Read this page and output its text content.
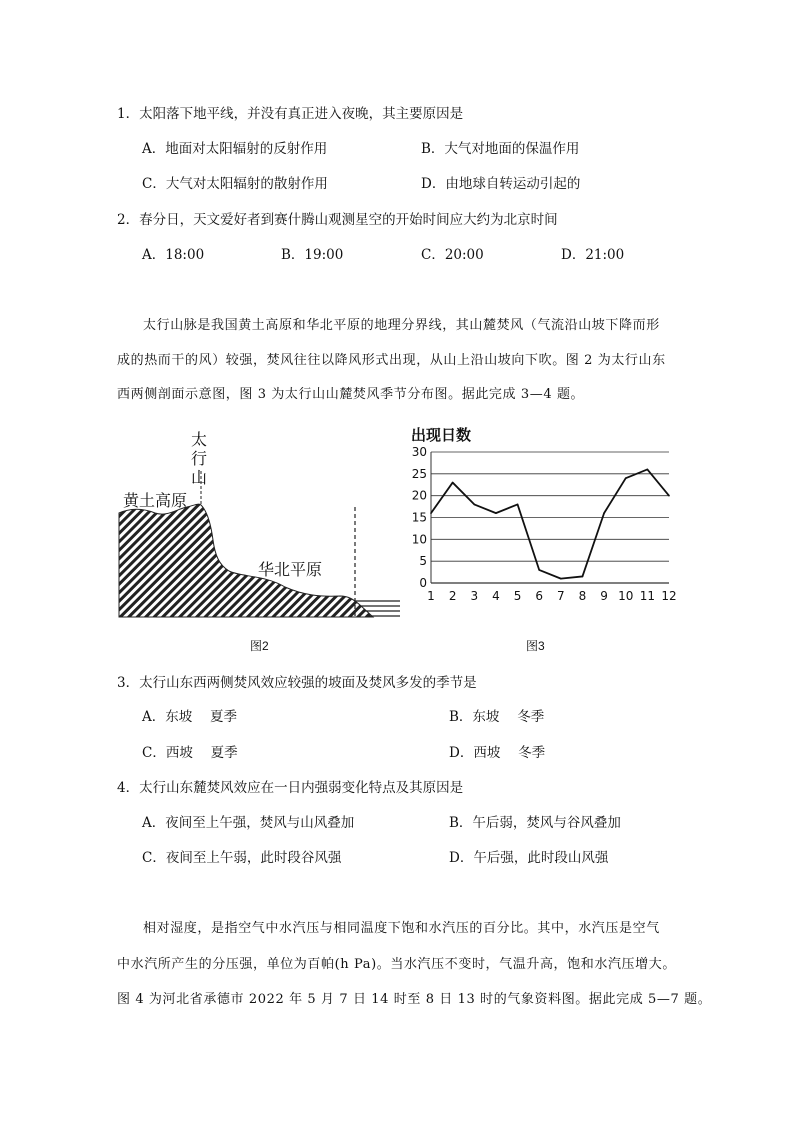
1．太阳落下地平线，并没有真正进入夜晚，其主要原因是
A．地面对太阳辐射的反射作用	B．大气对地面的保温作用
C．大气对太阳辐射的散射作用	D．由地球自转运动引起的
2．春分日，天文爱好者到赛什腾山观测星空的开始时间应大约为北京时间
A．18:00	B．19:00	C．20:00	D．21:00
太行山脉是我国黄土高原和华北平原的地理分界线，其山麓焚风（气流沿山坡下降而形
成的热而干的风）较强，焚风往往以降风形式出现，从山上沿山坡向下吹。图 2 为太行山东
西两侧剖面示意图，图 3 为太行山山麓焚风季节分布图。据此完成 3—4 题。
太
行
山
黄土高原
华北平原
图2
出现日数
0
5
10
15
20
25
30
1 2 3 4 5 6 7 8 9 10 11 12
图3
3．太行山东西两侧焚风效应较强的坡面及焚风多发的季节是
A．东坡　 夏季	B．东坡　 冬季
C．西坡　 夏季	D．西坡　 冬季
4．太行山东麓焚风效应在一日内强弱变化特点及其原因是
A．夜间至上午强，焚风与山风叠加	B．午后弱，焚风与谷风叠加
C．夜间至上午弱，此时段谷风强	D．午后强，此时段山风强
相对湿度，是指空气中水汽压与相同温度下饱和水汽压的百分比。其中，水汽压是空气
中水汽所产生的分压强，单位为百帕(h Pa)。当水汽压不变时，气温升高，饱和水汽压增大。
图 4 为河北省承德市 2022 年 5 月 7 日 14 时至 8 日 13 时的气象资料图。据此完成 5—7 题。
